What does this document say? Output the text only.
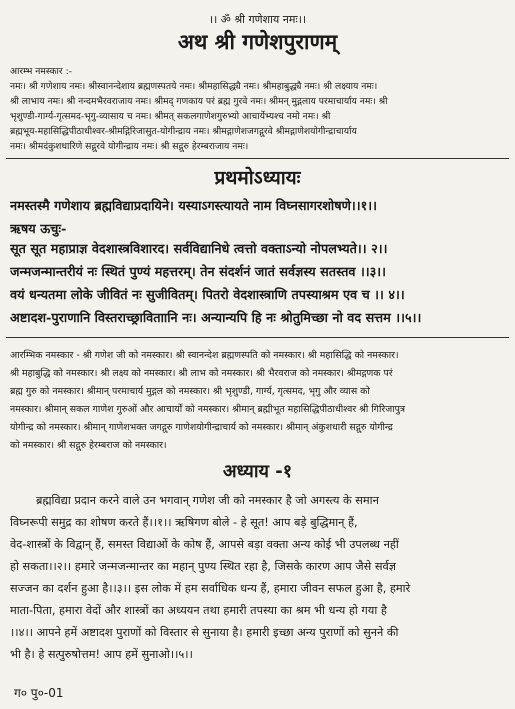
।। ॐ श्री गणेशाय नमः।।
अथ श्री गणेशपुराणम्
आरम्भ नमस्कार :-
नमः। श्री गणेशाय नमः। श्रीस्वानन्देशाय ब्रह्मणस्पतये नमः। श्रीमहासिद्ध्यै नमः। श्रीमहाबुद्ध्यै नमः। श्री लक्ष्याय नमः।
श्री लाभाय नमः। श्री नन्दमभैरवराजाय नमः। श्रीमद् गणकाय परं ब्रह्म गुरवे नमः। श्रीमन् मुद्गलाय परमाचार्याय नमः। श्री
भृशुण्डी-गार्ग्य-गृत्समद-भृगु-व्यासाय च नमः। श्रीमत् सकलगाणेशगुरुभ्यो आचार्येभ्यश्च नमो नमः। श्री
ब्रह्मभूय-महासिद्धिपीठाधीश्वर-श्रीमद्गिरिजासुत-योगीन्द्राय नमः। श्रीमद्गाणेशजगद्गुरवे श्रीमद्गाणेशयोगीन्द्राचार्याय
नमः। श्रीमदंकुशधारिणे सद्गुरवे योगीन्द्राय नमः। श्री सद्गुरु हेरम्बराजाय नमः।
प्रथमोऽध्यायः
नमस्तस्मै गणेशाय ब्रह्मविद्याप्रदायिने। यस्याऽगस्त्यायते नाम विघ्नसागरशोषणे।।१।।
ऋषय ऊचुः-
सूत सूत महाप्राज्ञ वेदशास्त्रविशारद। सर्वविद्यानिधे त्वत्तो वक्ताऽन्यो नोपलभ्यते।। २।।
जन्मजन्मान्तरीयं नः स्थितं पुण्यं महत्तरम्। तेन संदर्शनं जातं सर्वज्ञस्य सतस्तव ।।३।।
वयं धन्यतमा लोके जीवितं नः सुजीवितम्। पितरो वेदशास्त्राणि तपस्याश्रम एव च ।। ४।।
अष्टादश-पुराणानि विस्तराच्छ्राविताानि नः। अन्यान्यपि हि नः श्रोतुमिच्छा नो वद सत्तम ।।५।।
आरम्भिक नमस्कार - श्री गणेश जी को नमस्कार। श्री स्वानन्देश ब्रह्मणस्पति को नमस्कार। श्री महासिद्धि को नमस्कार।
श्री महाबुद्धि को नमस्कार। श्री लक्ष्य को नमस्कार। श्री लाभ को नमस्कार। श्री भैरवराज को नमस्कार। श्रीमद्गणक परं
ब्रह्म गुरु को नमस्कार। श्रीमान् परमाचार्य मुद्गल को नमस्कार। श्री भृशुण्डी, गार्ग्य, गृत्समद, भृगु और व्यास को
नमस्कार। श्रीमान् सकल गाणेश गुरुओं और आचार्यों को नमस्कार। श्रीमान् ब्रह्मीभूत महासिद्धिपीठाधीश्वर श्री गिरिजापुत्र
योगीन्द्र को नमस्कार। श्रीमान् गाणेशभक्त जगद्गुरु गाणेशयोगीन्द्राचार्य को नमस्कार। श्रीमान् अंकुशधारी सद्गुरु योगीन्द्र
को नमस्कार। श्री सद्गुरु हेरम्बराज को नमस्कार।
अध्याय -१
ब्रह्मविद्या प्रदान करने वाले उन भगवान् गणेश जी को नमस्कार है जो अगस्त्य के समान
विघ्नरूपी समुद्र का शोषण करते हैं।।१।। ऋषिगण बोले - हे सूत! आप बड़े बुद्धिमान् हैं,
वेद-शास्त्रों के विद्वान् हैं, समस्त विद्याओं के कोष हैं, आपसे बड़ा वक्ता अन्य कोई भी उपलब्ध नहीं
हो सकता।।२।। हमारे जन्मजन्मान्तर का महान् पुण्य स्थित रहा है, जिसके कारण आप जैसे सर्वज्ञ
सज्जन का दर्शन हुआ है।।३।। इस लोक में हम सर्वाधिक धन्य हैं, हमारा जीवन सफल हुआ है, हमारे
माता-पिता, हमारा वेदों और शास्त्रों का अध्ययन तथा हमारी तपस्या का श्रम भी धन्य हो गया है
।।४।। आपने हमें अष्टादश पुराणों को विस्तार से सुनाया है। हमारी इच्छा अन्य पुराणों को सुनने की
भी है। हे सत्पुरुषोत्तम! आप हमें सुनाओ।।५।।
ग० पु०-01
